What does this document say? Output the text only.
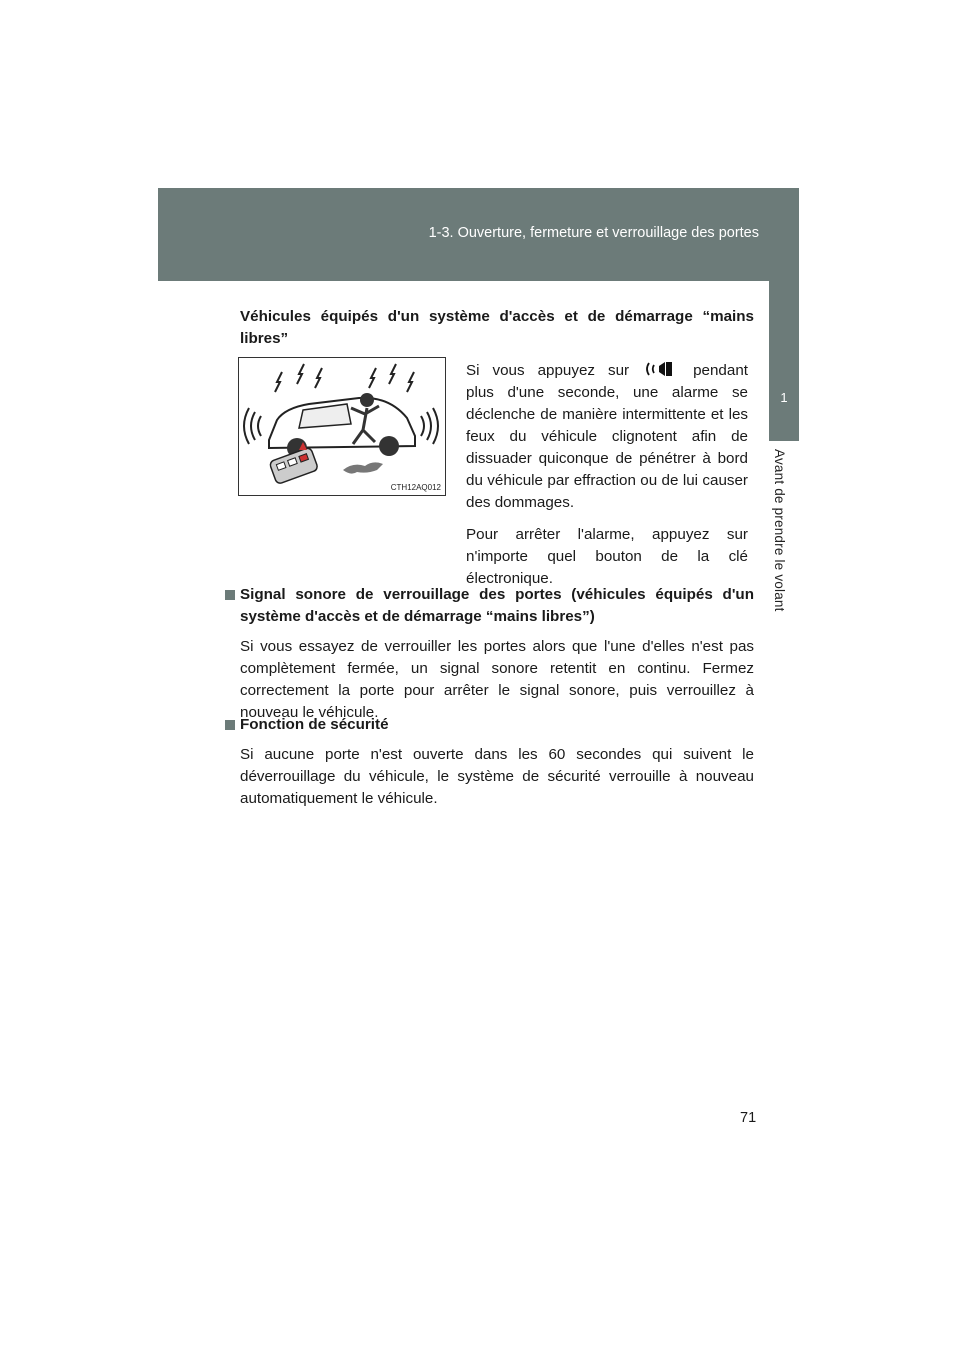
1-3. Ouverture, fermeture et verrouillage des portes
1
Avant de prendre le volant
Véhicules équipés d'un système d'accès et de démarrage “mains libres”
CTH12AQ012

Si vous appuyez sur	pendant plus d'une seconde, une alarme se déclenche de manière intermittente et les feux du véhicule clignotent afin de dissuader quiconque de pénétrer à bord du véhicule par effraction ou de lui causer des dommages.

Pour arrêter l'alarme, appuyez sur n'importe quel bouton de la clé électronique.

Signal sonore de verrouillage des portes (véhicules équipés d'un système d'accès et de démarrage “mains libres”)

Si vous essayez de verrouiller les portes alors que l'une d'elles n'est pas complètement fermée, un signal sonore retentit en continu. Fermez correctement la porte pour arrêter le signal sonore, puis verrouillez à nouveau le véhicule.

Fonction de sécurité

Si aucune porte n'est ouverte dans les 60 secondes qui suivent le déverrouillage du véhicule, le système de sécurité verrouille à nouveau automatiquement le véhicule.

71
